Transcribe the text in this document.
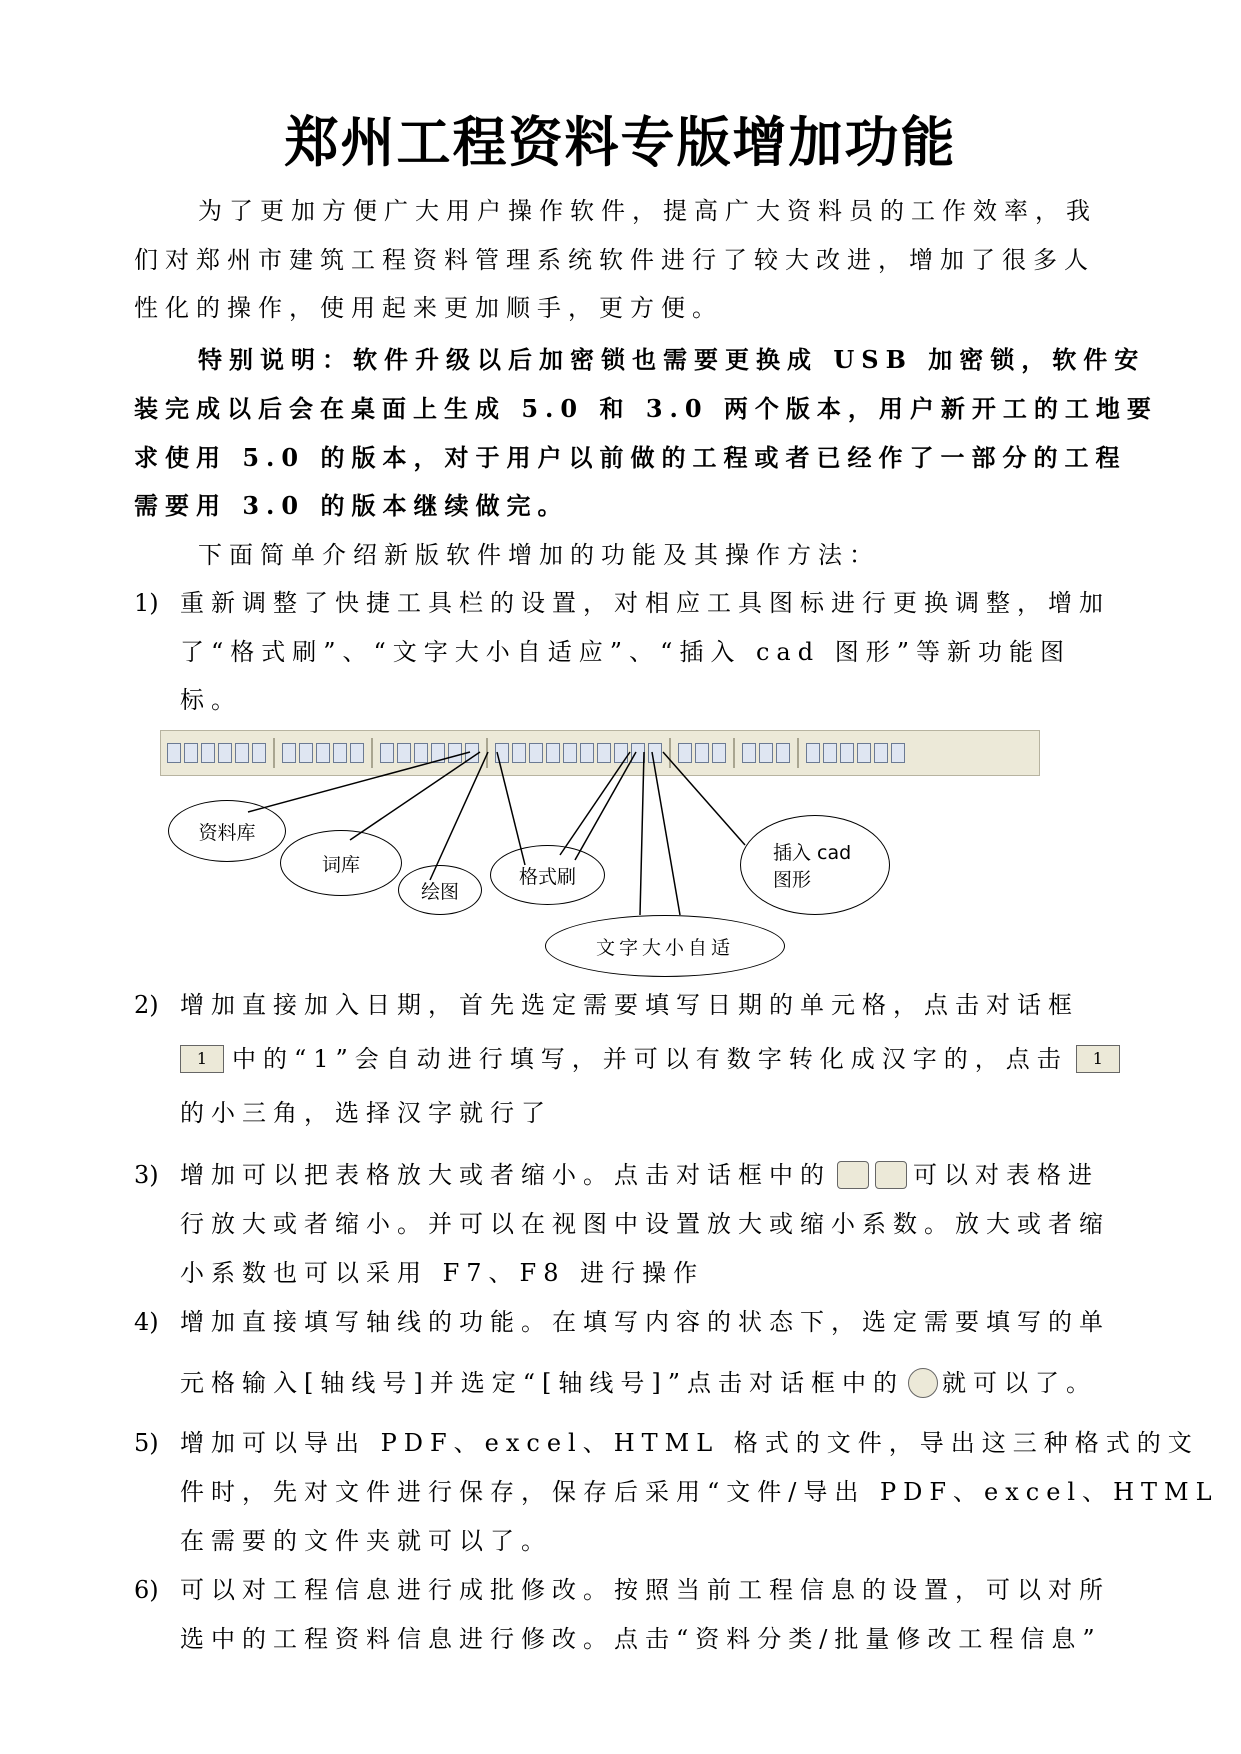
郑州工程资料专版增加功能
为了更加方便广大用户操作软件，提高广大资料员的工作效率，我
们对郑州市建筑工程资料管理系统软件进行了较大改进，增加了很多人
性化的操作，使用起来更加顺手，更方便。
特别说明：软件升级以后加密锁也需要更换成 USB 加密锁，软件安
装完成以后会在桌面上生成 5.0 和 3.0 两个版本，用户新开工的工地要
求使用 5.0 的版本，对于用户以前做的工程或者已经作了一部分的工程
需要用 3.0 的版本继续做完。
下面简单介绍新版软件增加的功能及其操作方法：
1) 重新调整了快捷工具栏的设置，对相应工具图标进行更换调整，增加
了“格式刷”、“文字大小自适应”、“插入 cad 图形”等新功能图
标。
资料库
词库
绘图
格式刷
插入 cad
图形
文字大小自适
2) 增加直接加入日期，首先选定需要填写日期的单元格，点击对话框
1	中的“1”会自动进行填写，并可以有数字转化成汉字的，点击	1
的小三角，选择汉字就行了
3) 增加可以把表格放大或者缩小。点击对话框中的	可以对表格进
行放大或者缩小。并可以在视图中设置放大或缩小系数。放大或者缩
小系数也可以采用 F7、F8 进行操作
4) 增加直接填写轴线的功能。在填写内容的状态下，选定需要填写的单
元格输入[轴线号]并选定“[轴线号]”点击对话框中的 就可以了。
5) 增加可以导出 PDF、excel、HTML 格式的文件，导出这三种格式的文
件时，先对文件进行保存，保存后采用“文件/导出 PDF、excel、HTML
在需要的文件夹就可以了。
6) 可以对工程信息进行成批修改。按照当前工程信息的设置，可以对所
选中的工程资料信息进行修改。点击“资料分类/批量修改工程信息”
